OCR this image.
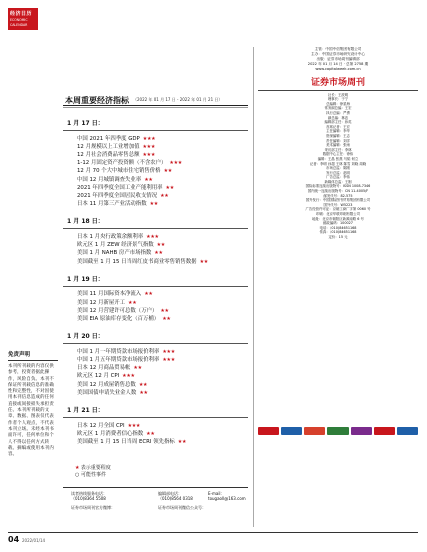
经济日历
ECONOMIC
CALENDAR
本周重要经济指标 （2022 年 01 月 17 日 - 2022 年 01 月 21 日）
1 月 17 日：
中国 2021 年四季度 GDP ★★★
12 月规模以上工业增加值 ★★★
12 月社会消费品零售总额 ★★★
1-12 月固定资产投资额（不含农户） ★★★
12 月 70 个大中城市住宅销售价格 ★★
中国 12 月城镇调查失业率 ★★
2021 年四季度全国工业产能利用率 ★★
2021 年四季度全国居民收支情况 ★★
日本 11 月第三产业活动指数 ★★
1 月 18 日：
日本 1 月央行政策余额利率 ★★★
欧元区 1 月 ZEW 经济景气指数 ★★
美国 1 月 NAHB 房产市场指数 ★★
美国截至 1 月 15 日当周红皮书商业零售销售数据 ★★
1 月 19 日：
美国 11 月国际资本净流入 ★★
美国 12 月新屋开工 ★★
美国 12 月营建许可总数（万户） ★★
美国 EIA 原油库存变化（百万桶） ★★
1 月 20 日：
中国 1 月一年期贷款市场报价利率 ★★★
中国 1 月五年期贷款市场报价利率 ★★★
日本 12 月商品贸易帐 ★★
欧元区 12 月 CPI ★★★
美国 12 月成屋销售总数 ★★
美国国债申请失业金人数 ★★
1 月 21 日：
日本 12 月全国 CPI ★★★
欧元区 1 月消费者信心指数 ★★
美国截至 1 月 15 日当周 ECRI 领先指标 ★★
★ 表示重要程度
○ 可能性事件
免责声明
本刊所刊载的内容仅供参考，投资者据此操作，风险自负。本刊不保证所刊载信息的准确性和完整性，不对因使用本刊信息造成的任何直接或间接损失承担责任。本刊所刊载的文章、数据、图表仅代表作者个人观点，不代表本刊立场。未经本刊书面许可，任何单位和个人不得以任何方式转载、摘编或使用本刊内容。
读者热线服务电话：	编辑部电话：	E-mail：
（010)8364 5508	（010)8564 0318	tougaoll@163.com
证券市场周刊官方微博：	证券市场周刊微信公众号：
主管：中国中信集团有限公司
主办：中国证券市场研究设计中心
出版：证券市场周刊编辑部
2022 年 01 月 14 日 · 总第 2758 期
www.capitalweek.com.cn
证券市场周刊
社长：王波明
理事长：于宁
总编辑：徐星海
常务副总编：王宏
执行总编：严勇
副总编：林忠
编辑部主任：孙英
首席记者：王宏
主任编辑：李华
资深编辑：王志
责任编辑：刘洋
美术编辑：张雨
采访部主任：李林
数据中心主任：徐伟
编辑：王晶 张燕 马韬 何立
记者：李明 孙超 王林 陈雪 刘晓 周晓
市场总监：陈刚
发行总监：赵明
广告总监：李伟
新媒体总监：王刚
国际标准连续出版物号：ISSN 1008-7346
国内统一连续出版物号：CN 11-4005/F
邮发代号：82-575
国外发行：中国国际图书贸易集团有限公司
国外代号：W5223
广告经营许可证：京朝工商广字第 0060 号
印刷：北京华联印刷有限公司
地址：北京市朝阳区新源南路 6 号
邮政编码：100027
电话：（010)84651168
传真：（010)84651168
定价：15 元
04 2022/01/14
